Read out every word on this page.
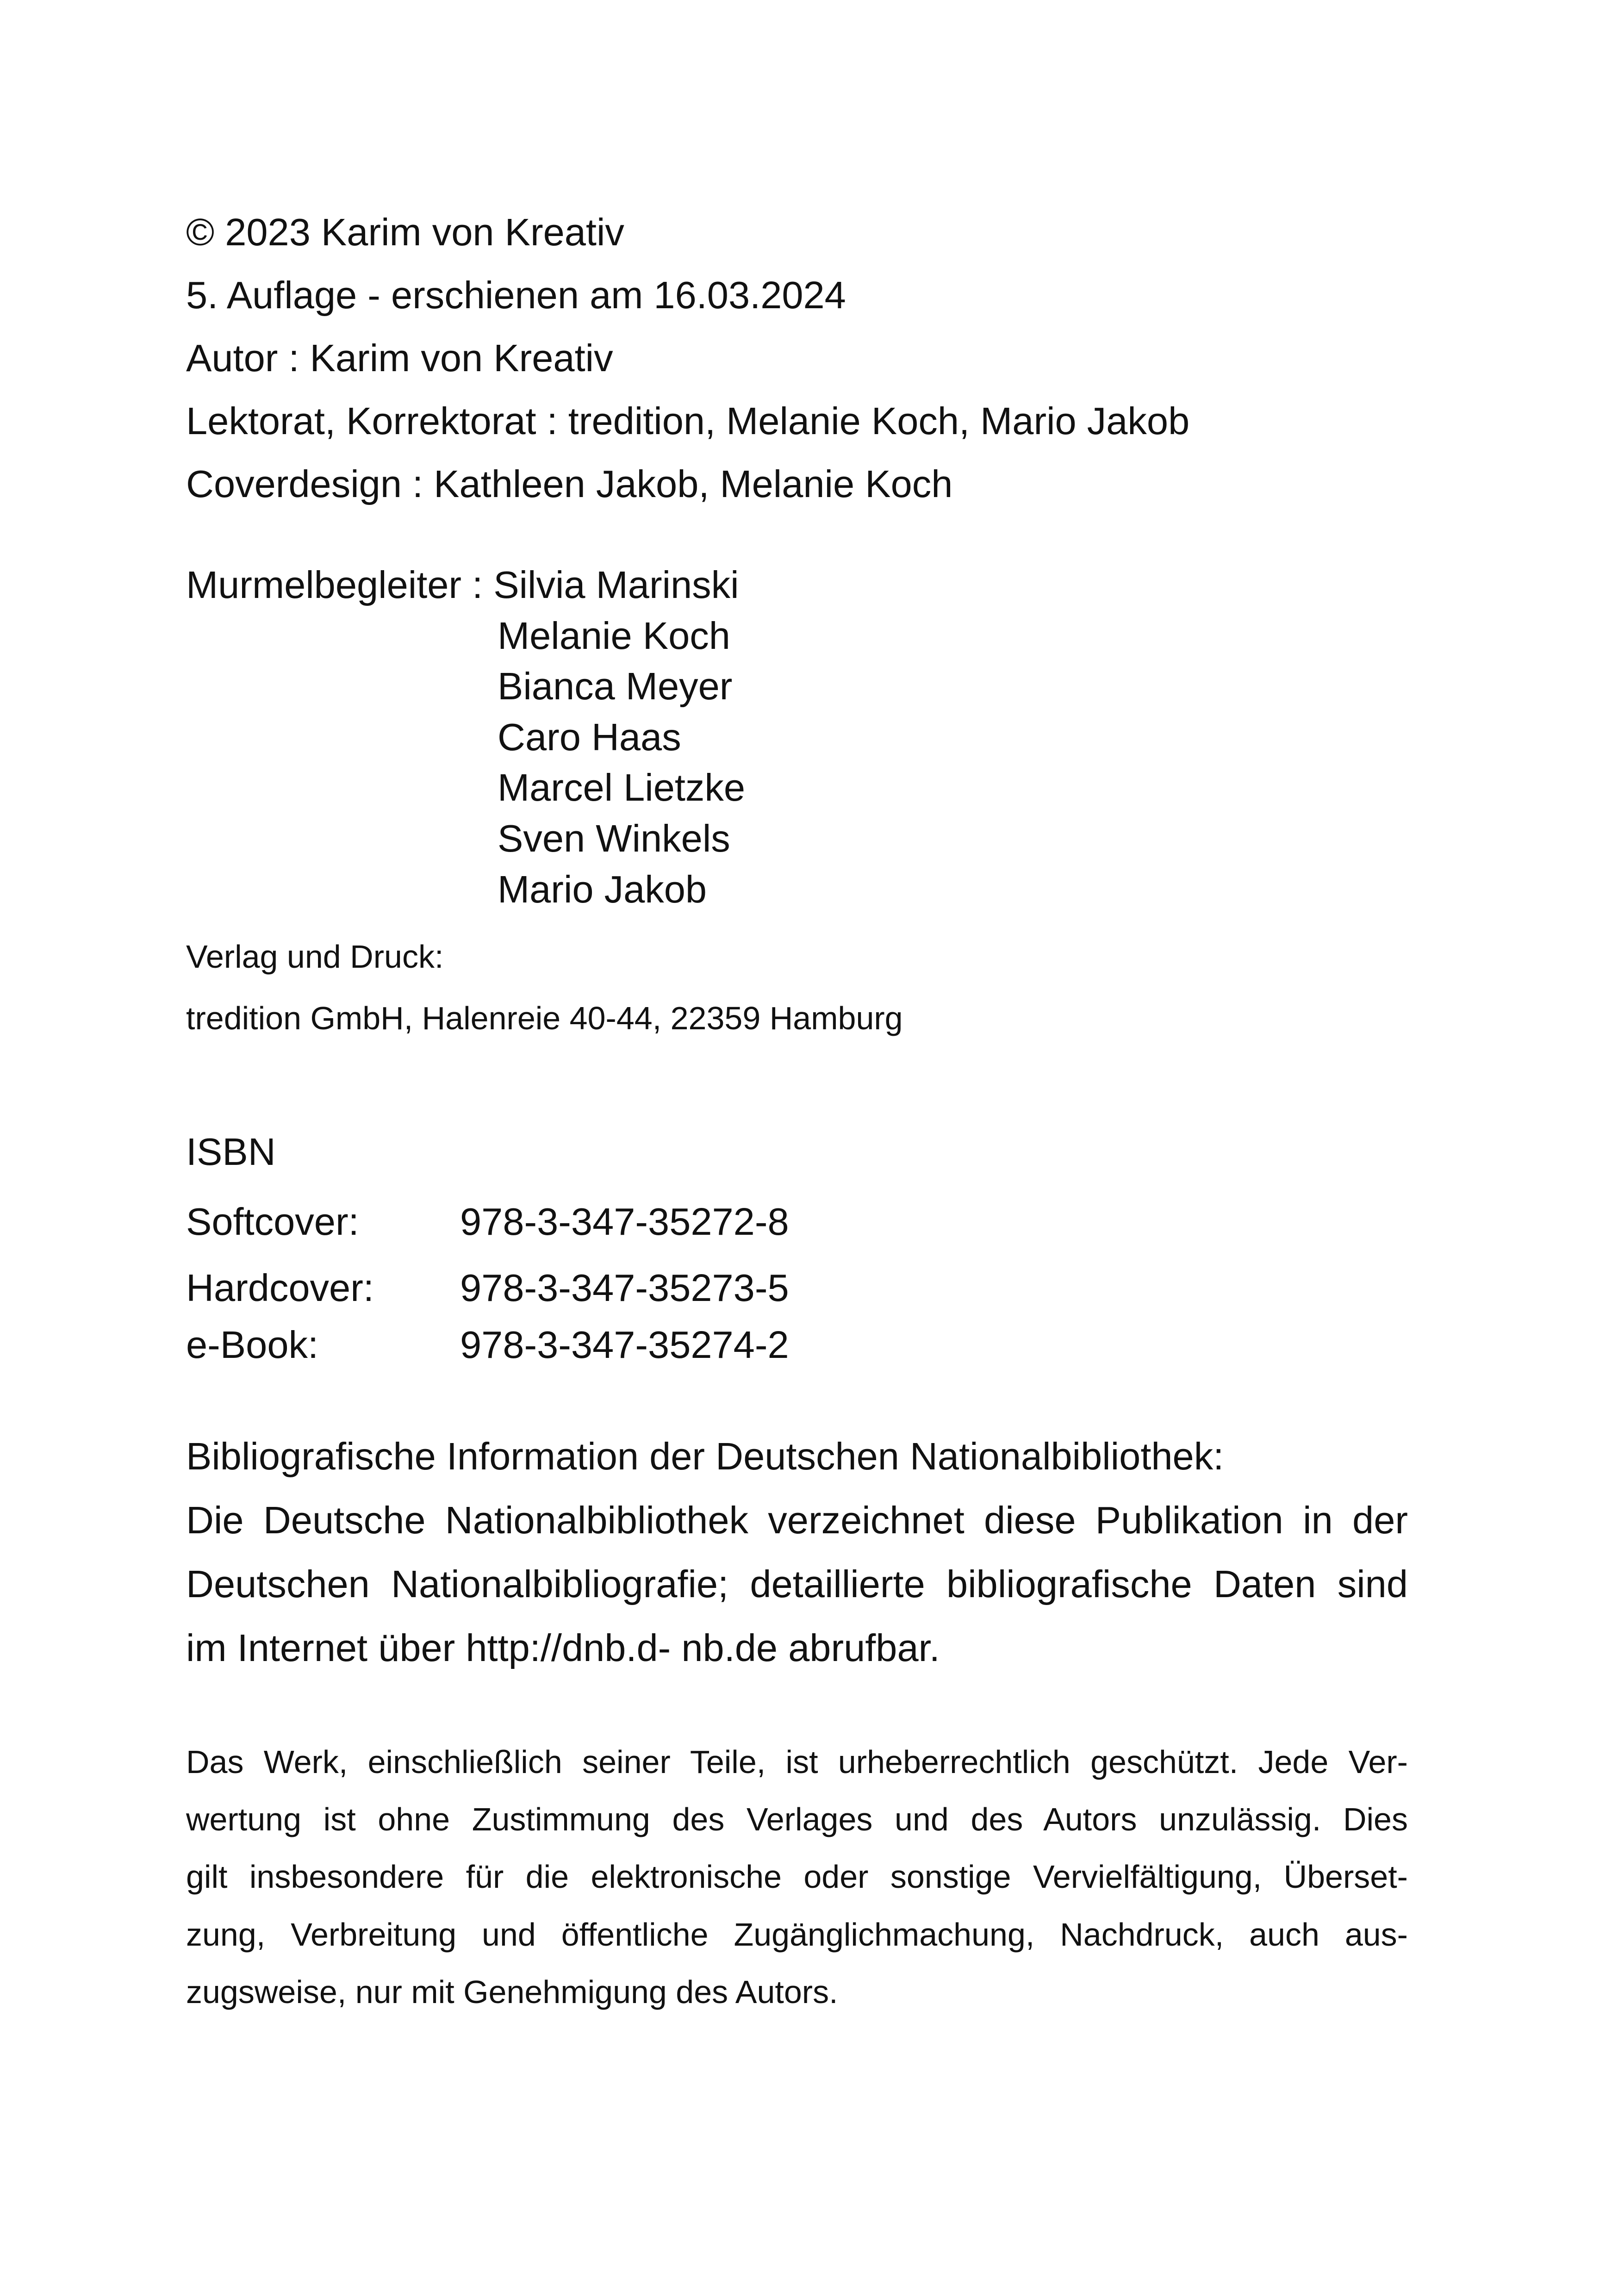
© 2023 Karim von Kreativ
5. Auflage - erschienen am 16.03.2024
Autor : Karim von Kreativ
Lektorat, Korrektorat : tredition, Melanie Koch, Mario Jakob
Coverdesign : Kathleen Jakob, Melanie Koch
Murmelbegleiter : Silvia Marinski
Melanie Koch
Bianca Meyer
Caro Haas
Marcel Lietzke
Sven Winkels
Mario Jakob
Verlag und Druck:
tredition GmbH, Halenreie 40-44, 22359 Hamburg
ISBN
Softcover:	978-3-347-35272-8
Hardcover: 978-3-347-35273-5
e-Book:	978-3-347-35274-2
Bibliografische Information der Deutschen Nationalbibliothek:
Die Deutsche Nationalbibliothek verzeichnet diese Publikation in der
Deutschen Nationalbibliografie; detaillierte bibliografische Daten sind
im Internet über http://dnb.d- nb.de abrufbar.
Das Werk, einschließlich seiner Teile, ist urheberrechtlich geschützt. Jede Ver-
wertung ist ohne Zustimmung des Verlages und des Autors unzulässig. Dies
gilt insbesondere für die elektronische oder sonstige Vervielfältigung, Überset-
zung, Verbreitung und öffentliche Zugänglichmachung, Nachdruck, auch aus-
zugsweise, nur mit Genehmigung des Autors.
